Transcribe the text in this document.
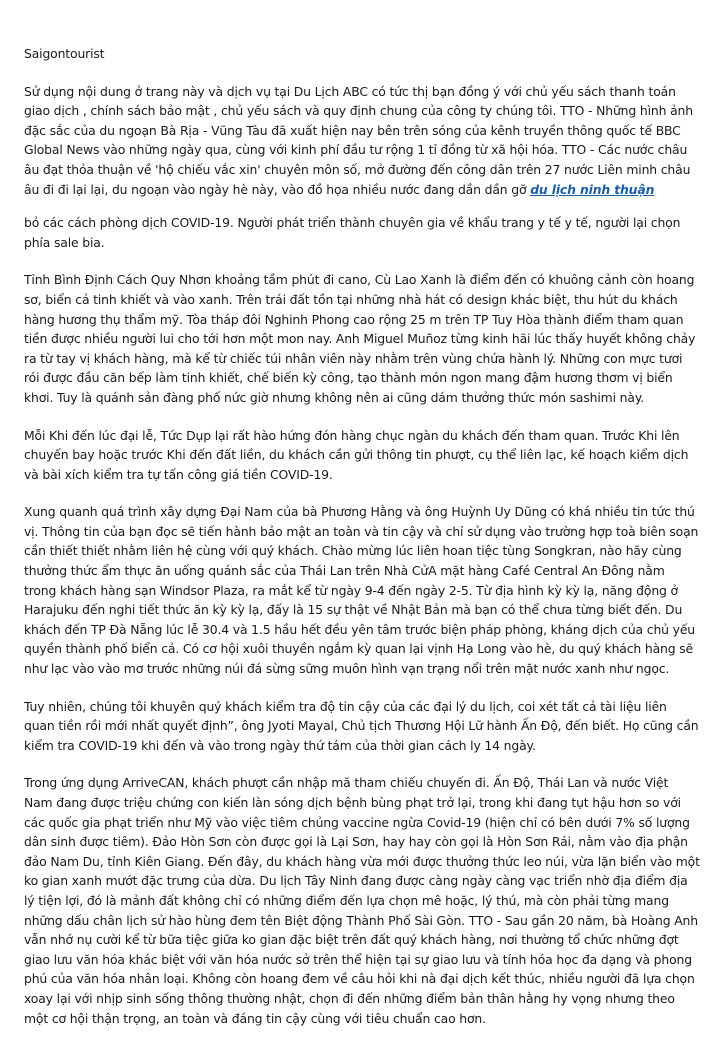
Saigontourist

Sử dụng nội dung ở trang này và dịch vụ tại Du Lịch ABC có tức thị bạn đồng ý với chủ yếu sách thanh toán giao dịch , chính sách bảo mật , chủ yếu sách và quy định chung của công ty chúng tôi. TTO - Những hình ảnh đặc sắc của du ngoạn Bà Rịa - Vũng Tàu đã xuất hiện nay bên trên sóng của kênh truyền thông quốc tế BBC Global News vào những ngày qua, cùng với kinh phí đầu tư rộng 1 tỉ đồng từ xã hội hóa. TTO - Các nước châu âu đạt thỏa thuận về 'hộ chiếu vắc xin' chuyên môn số, mở đường đến công dân trên 27 nước Liên minh châu âu đi đi lại lại, du ngoạn vào ngày hè này, vào đồ họa nhiều nước đang dần dần gỡ du lịch ninh thuận

bỏ các cách phòng dịch COVID-19. Người phát triển thành chuyên gia về khẩu trang y tế y tế, người lại chọn phía sale bia.

Tỉnh Bình Định Cách Quy Nhơn khoảng tầm phút đi cano, Cù Lao Xanh là điểm đến có khuông cảnh còn hoang sơ, biển cả tinh khiết và vào xanh. Trên trái đất tồn tại những nhà hát có design khác biệt, thu hút du khách hàng hương thụ thẩm mỹ. Tòa tháp đôi Nghinh Phong cao rộng 25 m trên TP Tuy Hòa thành điểm tham quan tiền được nhiều người lui cho tới hơn một mon nay. Anh Miguel Muñoz từng kinh hãi lúc thấy huyết không chảy ra từ tay vị khách hàng, mà kể từ chiếc túi nhân viên này nhằm trên vùng chứa hành lý. Những con mực tươi rói được đầu căn bếp làm tinh khiết, chế biến kỳ công, tạo thành món ngon mang đậm hương thơm vị biển khơi. Tuy là quánh sản đàng phố nức giờ nhưng không nên ai cũng dám thưởng thức món sashimi này.

Mỗi Khi đến lúc đại lễ, Tức Dụp lại rất hào hứng đón hàng chục ngàn du khách đến tham quan. Trước Khi lên chuyến bay hoặc trước Khi đến đất liền, du khách cần gửi thông tin phượt, cụ thể liên lạc, kế hoạch kiểm dịch và bài xích kiểm tra tự tấn công giá tiền COVID-19.

Xung quanh quá trình xây dựng Đại Nam của bà Phương Hằng và ông Huỳnh Uy Dũng có khá nhiều tin tức thú vị. Thông tin của bạn đọc sẽ tiến hành bảo mật an toàn và tin cậy và chỉ sử dụng vào trường hợp toà biên soạn cần thiết thiết nhằm liên hệ cùng với quý khách. Chào mừng lúc liên hoan tiệc tùng Songkran, nào hãy cùng thưởng thức ẩm thực ăn uống quánh sắc của Thái Lan trên Nhà CửA mặt hàng Café Central An Đông nằm trong khách hàng sạn Windsor Plaza, ra mắt kể từ ngày 9-4 đến ngày 2-5. Từ địa hình kỳ kỳ lạ, năng động ở Harajuku đến nghi tiết thức ăn kỳ kỳ lạ, đấy là 15 sự thật về Nhật Bản mà bạn có thể chưa từng biết đến. Du khách đến TP Đà Nẵng lúc lễ 30.4 và 1.5 hầu hết đều yên tâm trước biện pháp phòng, kháng dịch của chủ yếu quyền thành phố biển cả. Có cơ hội xuôi thuyền ngắm kỳ quan lại vịnh Hạ Long vào hè, du quý khách hàng sẽ như lạc vào vào mơ trước những núi đá sừng sững muôn hình vạn trạng nổi trên mặt nước xanh như ngọc.

Tuy nhiên, chúng tôi khuyên quý khách kiểm tra độ tin cậy của các đại lý du lịch, coi xét tất cả tài liệu liên quan tiền rồi mới nhất quyết định”, ông Jyoti Mayal, Chủ tịch Thương Hội Lữ hành Ấn Độ, đến biết. Họ cũng cần kiểm tra COVID-19 khi đến và vào trong ngày thứ tám của thời gian cách ly 14 ngày.

Trong ứng dụng ArriveCAN, khách phượt cần nhập mã tham chiếu chuyến đi. Ấn Độ, Thái Lan và nước Việt Nam đang được triệu chứng con kiến làn sóng dịch bệnh bùng phạt trở lại, trong khi đang tụt hậu hơn so với các quốc gia phạt triển như Mỹ vào việc tiêm chủng vaccine ngừa Covid-19 (hiện chỉ có bên dưới 7% số lượng dân sinh được tiêm). Đảo Hòn Sơn còn được gọi là Lại Sơn, hay hay còn gọi là Hòn Sơn Rái, nằm vào địa phận đảo Nam Du, tỉnh Kiên Giang. Đến đây, du khách hàng vừa mới được thưởng thức leo núi, vừa lặn biển vào một ko gian xanh mướt đặc trưng của dừa. Du lịch Tây Ninh đang được càng ngày càng vạc triển nhờ địa điểm địa lý tiện lợi, đó là mảnh đất không chỉ có những điểm đến lựa chọn mê hoặc, lý thú, mà còn phải từng mang những dấu chân lịch sử hào hùng đem tên Biệt động Thành Phố Sài Gòn. TTO - Sau gần 20 năm, bà Hoàng Anh vẫn nhớ nụ cười kể từ bữa tiệc giữa ko gian đặc biệt trên đất quý khách hàng, nơi thường tổ chức những đợt giao lưu văn hóa khác biệt với văn hóa nước sở trên thể hiện tại sự giao lưu và tính hóa học đa dạng và phong phú của văn hóa nhân loại. Không còn hoang đem về câu hỏi khi nà đại dịch kết thúc, nhiều người đã lựa chọn xoay lại với nhịp sinh sống thông thường nhật, chọn đi đến những điểm bản thân hằng hy vọng nhưng theo một cơ hội thận trọng, an toàn và đáng tin cậy cùng với tiêu chuẩn cao hơn.
